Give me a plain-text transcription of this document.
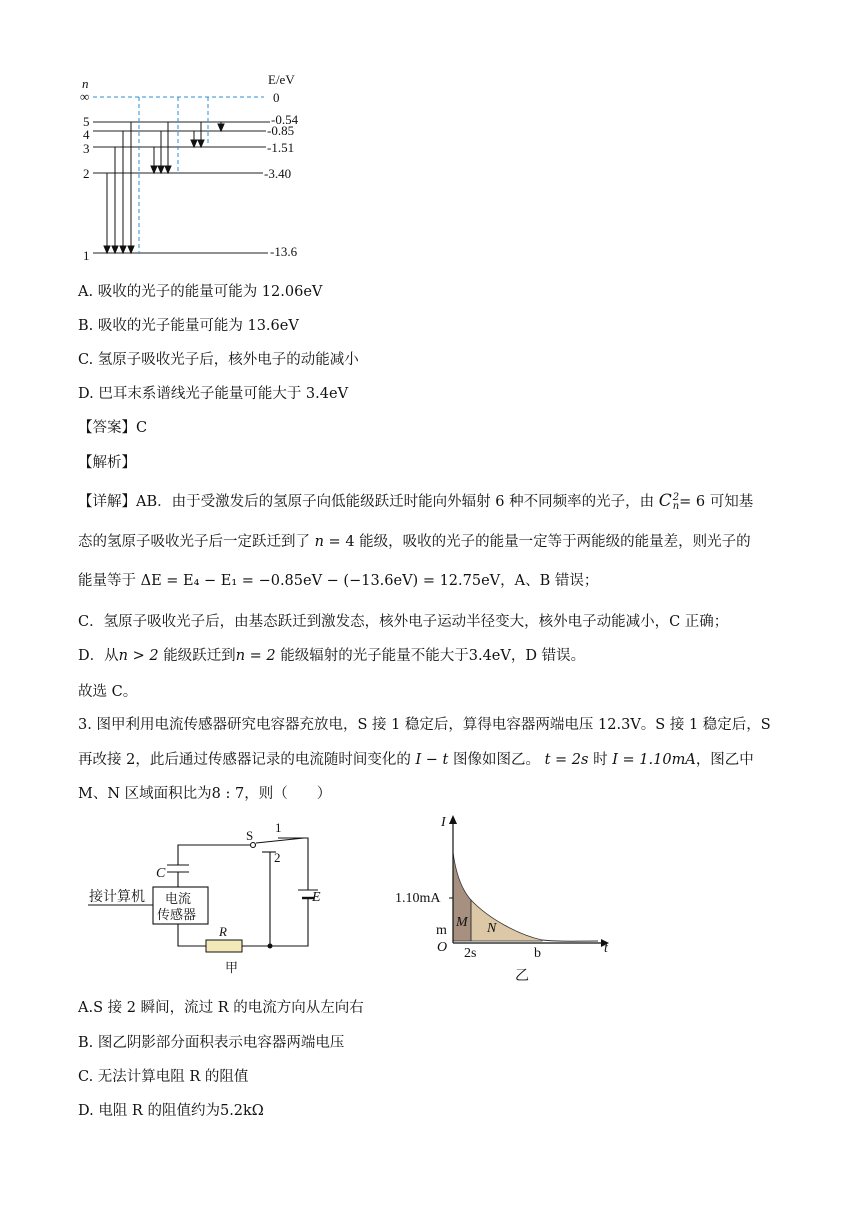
n	E/eV
∞
5
4
3
2
1
0
-0.54
-0.85
-1.51
-3.40
-13.6
A. 吸收的光子的能量可能为 12.06eV
B. 吸收的光子能量可能为 13.6eV
C. 氢原子吸收光子后，核外电子的动能减小
D. 巴耳末系谱线光子能量可能大于 3.4eV
【答案】C
【解析】
【详解】AB．由于受激发后的氢原子向低能级跃迁时能向外辐射 6 种不同频率的光子，由 C 2
n = 6 可知基
态的氢原子吸收光子后一定跃迁到了 n = 4 能级，吸收的光子的能量一定等于两能级的能量差，则光子的
能量等于 ΔE = E₄ − E₁ = −0.85eV − (−13.6eV) = 12.75eV，A、B 错误；
C．氢原子吸收光子后，由基态跃迁到激发态，核外电子运动半径变大，核外电子动能减小，C 正确；
D．从n > 2 能级跃迁到n = 2 能级辐射的光子能量不能大于3.4eV，D 错误。
故选 C。
3. 图甲利用电流传感器研究电容器充放电，S 接 1 稳定后，算得电容器两端电压 12.3V。S 接 1 稳定后，S
再改接 2，此后通过传感器记录的电流随时间变化的 I − t 图像如图乙。 t = 2s 时 I = 1.10mA，图乙中
M、N 区域面积比为8 : 7，则（　　）
S
1
2
C
E
R
接计算机 电流
传感器
甲
I
t
1.10mA
m
O 2s	b
M N
乙
A.S 接 2 瞬间，流过 R 的电流方向从左向右
B. 图乙阴影部分面积表示电容器两端电压
C. 无法计算电阻 R 的阻值
D. 电阻 R 的阻值约为5.2kΩ
